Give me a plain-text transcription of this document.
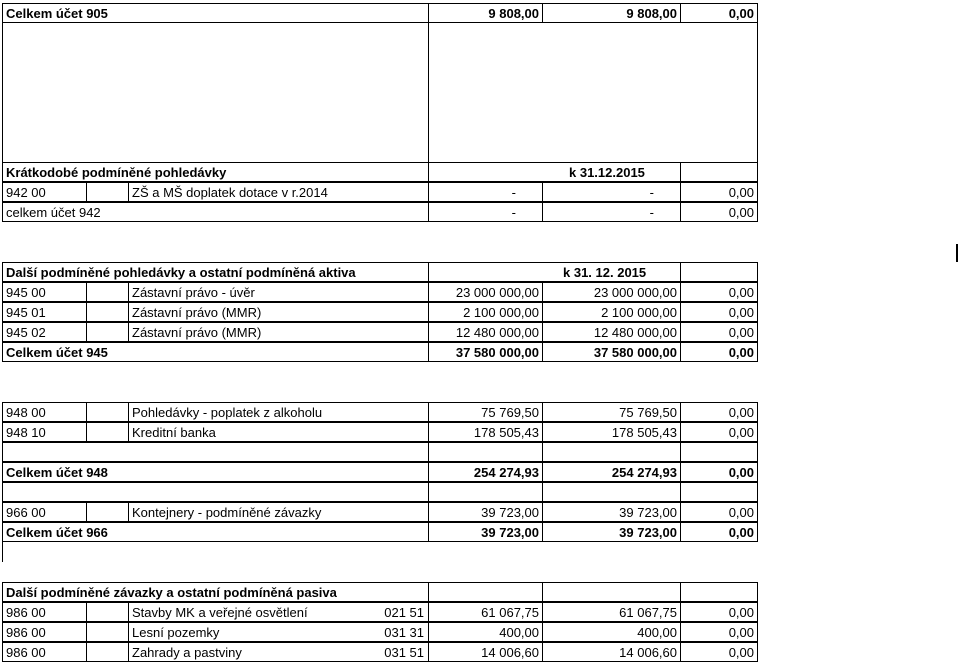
Celkem účet 905	9 808,00	9 808,00	0,00
Krátkodobé podmíněné pohledávky	k 31.12.2015
942 00	ZŠ a MŠ doplatek dotace v r.2014	-	-	0,00
celkem účet 942	-	-	0,00
Další podmíněné pohledávky a ostatní podmíněná aktiva	k 31. 12. 2015
945 00	Zástavní právo - úvěr	23 000 000,00	23 000 000,00	0,00
945 01	Zástavní právo (MMR)	2 100 000,00	2 100 000,00	0,00
945 02	Zástavní právo (MMR)	12 480 000,00	12 480 000,00	0,00
Celkem účet 945	37 580 000,00	37 580 000,00	0,00
948 00	Pohledávky - poplatek z alkoholu	75 769,50	75 769,50	0,00
948 10	Kreditní banka	178 505,43	178 505,43	0,00
Celkem účet 948	254 274,93	254 274,93	0,00
966 00	Kontejnery - podmíněné závazky	39 723,00	39 723,00	0,00
Celkem účet 966	39 723,00	39 723,00	0,00
Další podmíněné závazky a ostatní podmíněná pasiva
986 00	Stavby MK a veřejné osvětlení	021 51	61 067,75	61 067,75	0,00
986 00	Lesní pozemky	031 31	400,00	400,00	0,00
986 00	Zahrady a pastviny	031 51	14 006,60	14 006,60	0,00
